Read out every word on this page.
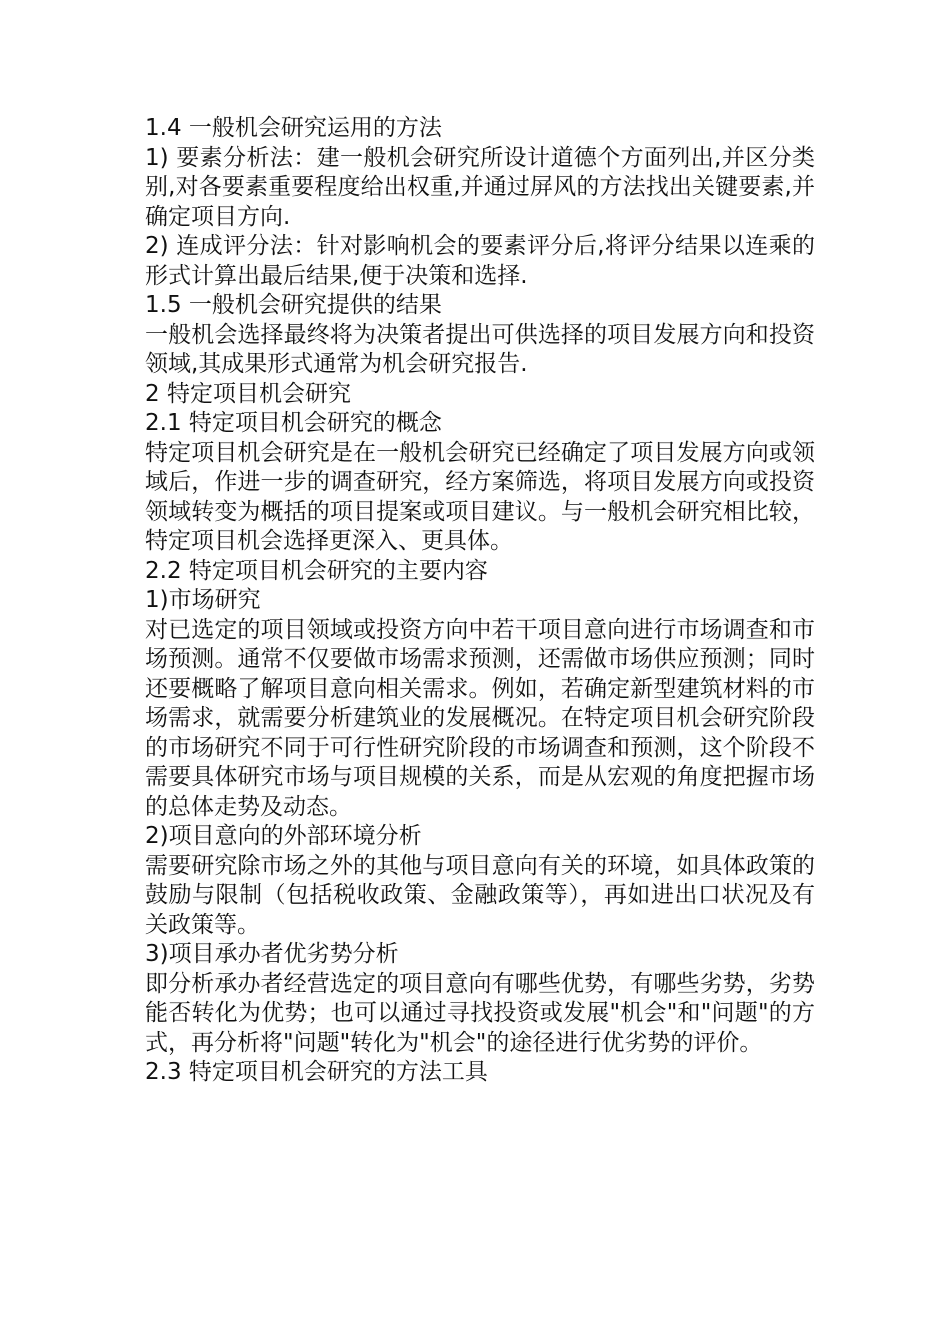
1.4 一般机会研究运用的方法

1) 要素分析法：建一般机会研究所设计道德个方面列出,并区分类别,对各要素重要程度给出权重,并通过屏风的方法找出关键要素,并确定项目方向.

2) 连成评分法：针对影响机会的要素评分后,将评分结果以连乘的形式计算出最后结果,便于决策和选择.

1.5 一般机会研究提供的结果

一般机会选择最终将为决策者提出可供选择的项目发展方向和投资领域,其成果形式通常为机会研究报告.

2 特定项目机会研究

2.1 特定项目机会研究的概念

特定项目机会研究是在一般机会研究已经确定了项目发展方向或领域后，作进一步的调查研究，经方案筛选，将项目发展方向或投资领域转变为概括的项目提案或项目建议。与一般机会研究相比较，特定项目机会选择更深入、更具体。

2.2 特定项目机会研究的主要内容

1)市场研究

对已选定的项目领域或投资方向中若干项目意向进行市场调查和市场预测。通常不仅要做市场需求预测，还需做市场供应预测；同时还要概略了解项目意向相关需求。例如，若确定新型建筑材料的市场需求，就需要分析建筑业的发展概况。在特定项目机会研究阶段的市场研究不同于可行性研究阶段的市场调查和预测，这个阶段不需要具体研究市场与项目规模的关系，而是从宏观的角度把握市场的总体走势及动态。

2)项目意向的外部环境分析

需要研究除市场之外的其他与项目意向有关的环境，如具体政策的鼓励与限制（包括税收政策、金融政策等），再如进出口状况及有关政策等。

3)项目承办者优劣势分析

即分析承办者经营选定的项目意向有哪些优势，有哪些劣势，劣势能否转化为优势；也可以通过寻找投资或发展"机会"和"问题"的方式，再分析将"问题"转化为"机会"的途径进行优劣势的评价。

2.3 特定项目机会研究的方法工具
